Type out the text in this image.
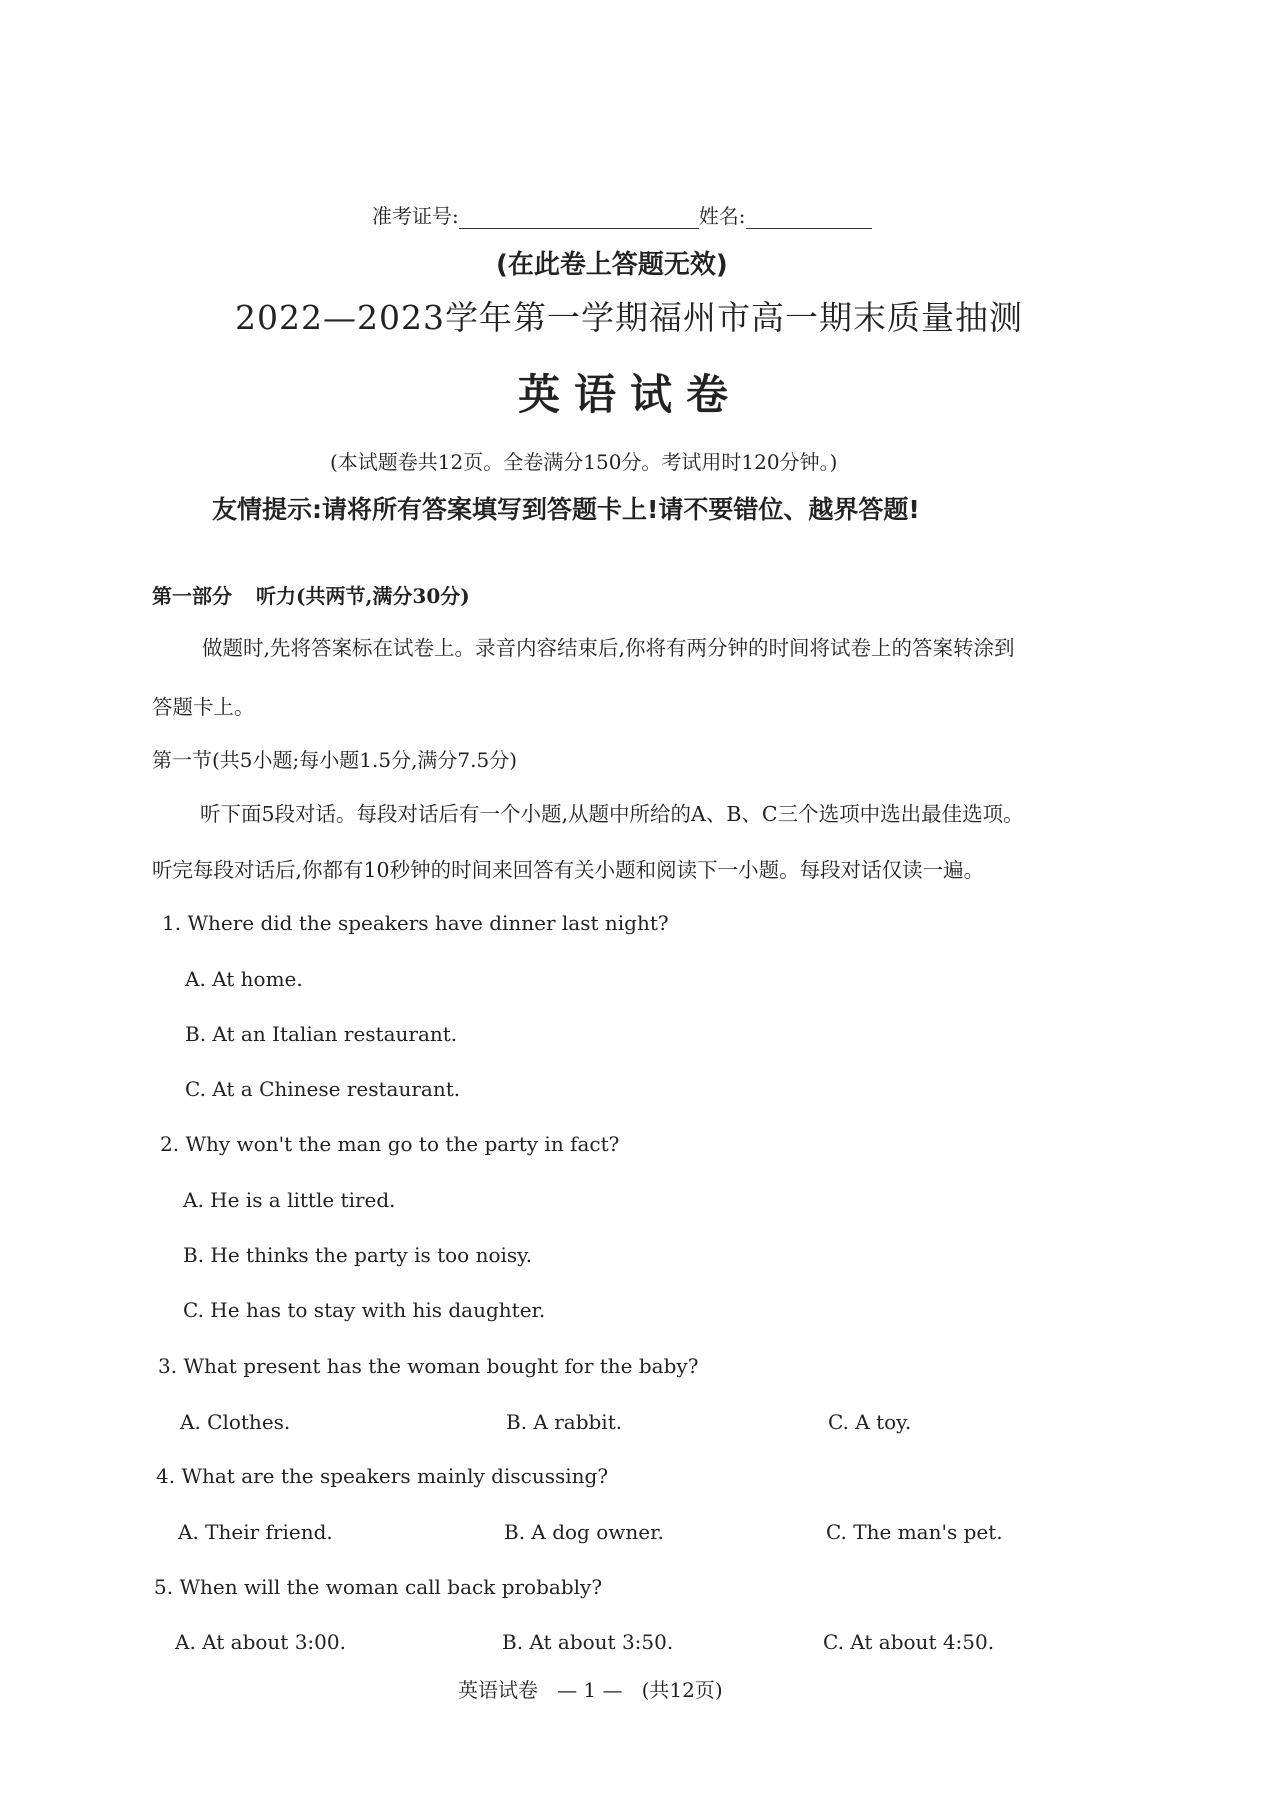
准考证号:	姓名:
(在此卷上答题无效)
2022—2023学年第一学期福州市高一期末质量抽测
英语试卷
(本试题卷共12页。全卷满分150分。考试用时120分钟。)
友情提示:请将所有答案填写到答题卡上!请不要错位、越界答题!
第一部分 听力(共两节,满分30分)
做题时,先将答案标在试卷上。录音内容结束后,你将有两分钟的时间将试卷上的答案转涂到
答题卡上。
第一节(共5小题;每小题1.5分,满分7.5分)
听下面5段对话。每段对话后有一个小题,从题中所给的A、B、C三个选项中选出最佳选项。
听完每段对话后,你都有10秒钟的时间来回答有关小题和阅读下一小题。每段对话仅读一遍。
1. Where did the speakers have dinner last night?
A. At home.
B. At an Italian restaurant.
C. At a Chinese restaurant.
2. Why won't the man go to the party in fact?
A. He is a little tired.
B. He thinks the party is too noisy.
C. He has to stay with his daughter.
3. What present has the woman bought for the baby?
A. Clothes.	B. A rabbit.	C. A toy.
4. What are the speakers mainly discussing?
A. Their friend.	B. A dog owner.	C. The man's pet.
5. When will the woman call back probably?
A. At about 3:00.	B. At about 3:50.	C. At about 4:50.
英语试卷 — 1 — (共12页)
